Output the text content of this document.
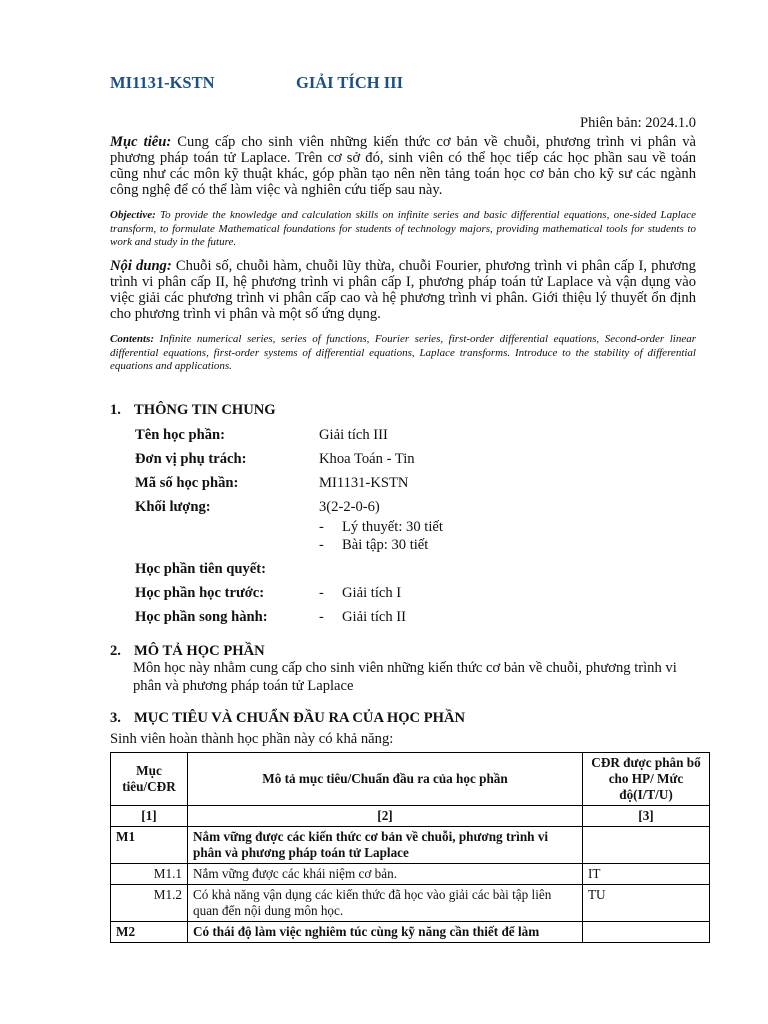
MI1131-KSTN	GIẢI TÍCH III
Phiên bản: 2024.1.0
Mục tiêu: Cung cấp cho sinh viên những kiến thức cơ bản về chuỗi, phương trình vi phân và phương pháp toán tử Laplace. Trên cơ sở đó, sinh viên có thể học tiếp các học phần sau về toán cũng như các môn kỹ thuật khác, góp phần tạo nên nền tảng toán học cơ bản cho kỹ sư các ngành công nghệ để có thể làm việc và nghiên cứu tiếp sau này.
Objective: To provide the knowledge and calculation skills on infinite series and basic differential equations, one-sided Laplace transform, to formulate Mathematical foundations for students of technology majors, providing mathematical tools for students to work and study in the future.
Nội dung: Chuỗi số, chuỗi hàm, chuỗi lũy thừa, chuỗi Fourier, phương trình vi phân cấp I, phương trình vi phân cấp II, hệ phương trình vi phân cấp I, phương pháp toán tử Laplace và vận dụng vào việc giải các phương trình vi phân cấp cao và hệ phương trình vi phân. Giới thiệu lý thuyết ổn định cho phương trình vi phân và một số ứng dụng.
Contents: Infinite numerical series, series of functions, Fourier series, first-order differential equations, Second-order linear differential equations, first-order systems of differential equations, Laplace transforms. Introduce to the stability of differential equations and applications.
1. THÔNG TIN CHUNG
Tên học phần:	Giải tích III
Đơn vị phụ trách:	Khoa Toán - Tin
Mã số học phần:	MI1131-KSTN
Khối lượng:	3(2-2-0-6)
- Lý thuyết: 30 tiết
- Bài tập: 30 tiết
Học phần tiên quyết:
Học phần học trước:	- Giải tích I
Học phần song hành:	- Giải tích II
2. MÔ TẢ HỌC PHẦN
Môn học này nhằm cung cấp cho sinh viên những kiến thức cơ bản về chuỗi, phương trình vi phân và phương pháp toán tử Laplace
3. MỤC TIÊU VÀ CHUẨN ĐẦU RA CỦA HỌC PHẦN
Sinh viên hoàn thành học phần này có khả năng:
Mục tiêu/CĐR	Mô tả mục tiêu/Chuẩn đầu ra của học phần	CĐR được phân bổ cho HP/ Mức độ(I/T/U)
[1]	[2]	[3]
M1	Nắm vững được các kiến thức cơ bản về chuỗi, phương trình vi phân và phương pháp toán tử Laplace	
M1.1	Nắm vững được các khái niệm cơ bản.	IT
M1.2	Có khả năng vận dụng các kiến thức đã học vào giải các bài tập liên quan đến nội dung môn học.	TU
M2	Có thái độ làm việc nghiêm túc cùng kỹ năng cần thiết để làm	
